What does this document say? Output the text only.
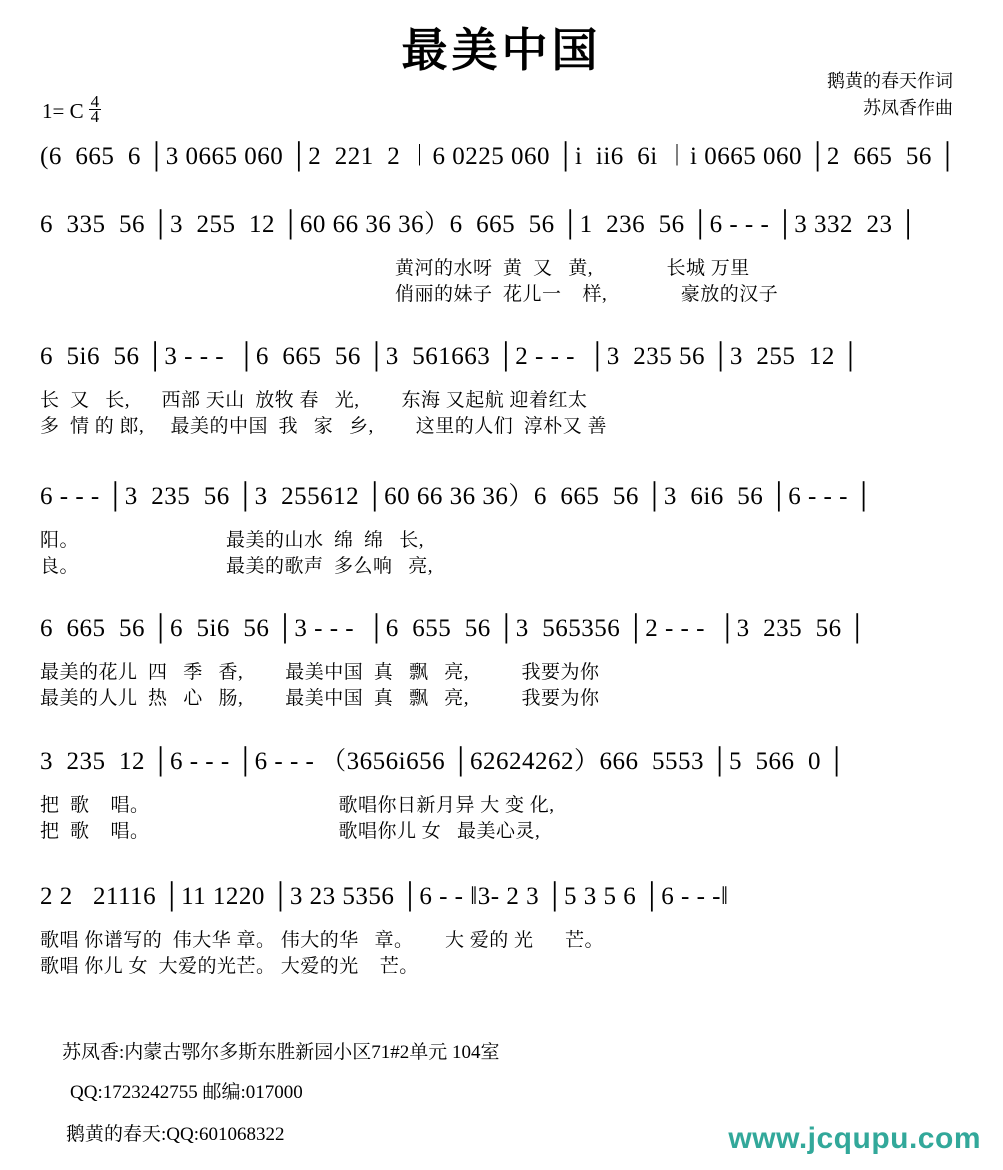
最美中国
鹅黄的春天作词
苏凤香作曲
1= C $\frac{4}{4}$
(6  665  6 │3 0665 060 │2  221  2 ︱6 0225 060 │i  ii6  6i ︱i 0665 060 │2  665  56 │
6  335  56 │3  255  12 │60 66 36 36）6  665  56 │1  236  56 │6 - - - │3 332  23 │
黄河的水呀  黄  又   黄,              长城 万里
俏丽的妹子  花儿一    样,              豪放的汉子
6  5i6  56 │3 - - -  │6  665  56 │3  561663 │2 - - -  │3  235 56 │3  255  12 │
长  又   长,      西部 天山  放牧 春   光,        东海 又起航 迎着红太
多  情 的 郎,     最美的中国  我   家   乡,        这里的人们  淳朴又 善
6 - - - │3  235  56 │3  255612 │60 66 36 36）6  665  56 │3  6i6  56 │6 - - - │
阳。                            最美的山水  绵  绵   长,
良。                            最美的歌声  多么响   亮,
6  665  56 │6  5i6  56 │3 - - -  │6  655  56 │3  565356 │2 - - -  │3  235  56 │
最美的花儿  四   季   香,        最美中国  真   飘   亮,          我要为你
最美的人儿  热   心   肠,        最美中国  真   飘   亮,          我要为你
3  235  12 │6 - - - │6 - - - （3656i656 │62624262）666  5553 │5  566  0 │
把  歌    唱。                                    歌唱你日新月异 大 变 化,
把  歌    唱。                                    歌唱你儿 女   最美心灵,
2 2   21116 │11 1220 │3 23 5356 │6 - - ‖3- 2 3 │5 3 5 6 │6 - - -‖
歌唱 你谱写的  伟大华 章。 伟大的华   章。      大 爱的 光      芒。
歌唱 你儿 女  大爱的光芒。 大爱的光    芒。
苏凤香:内蒙古鄂尔多斯东胜新园小区71#2单元 104室
QQ:1723242755 邮编:017000
鹅黄的春天:QQ:601068322	www.jcqupu.com
